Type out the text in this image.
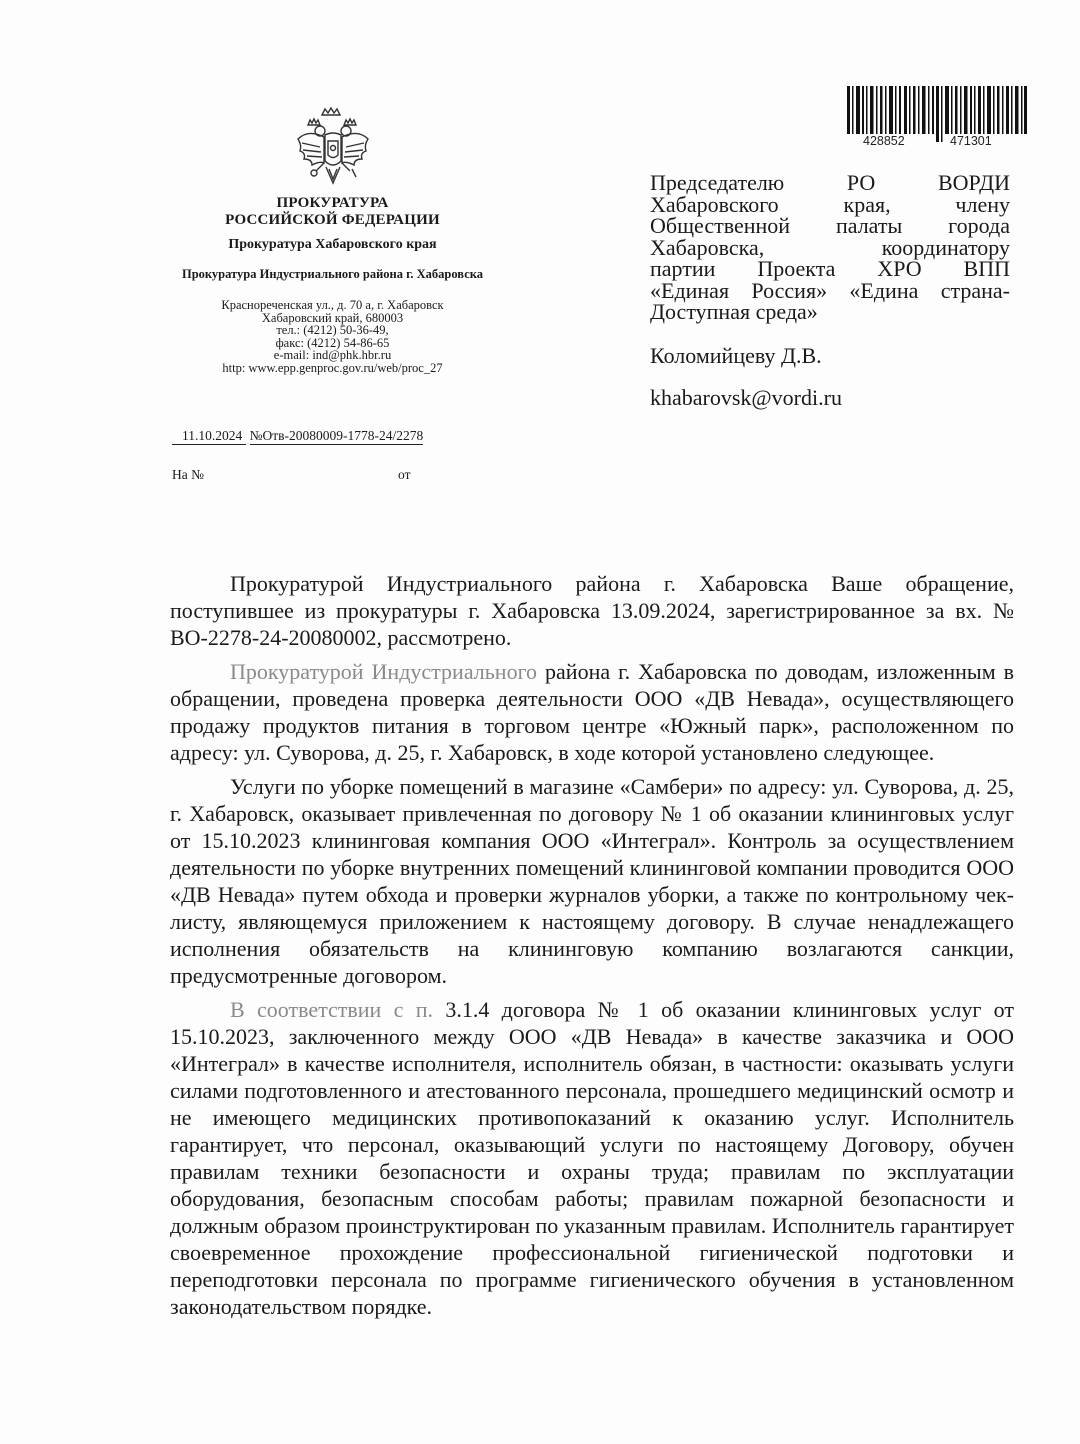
ПРОКУРАТУРА
РОССИЙСКОЙ ФЕДЕРАЦИИ
Прокуратура Хабаровского края
Прокуратура Индустриального района г. Хабаровска
Краснореченская ул., д. 70 а, г. Хабаровск
Хабаровский край, 680003
тел.: (4212) 50-36-49,
факс: (4212) 54-86-65
e-mail: ind@phk.hbr.ru
http: www.epp.genproc.gov.ru/web/proc_27
11.10.2024 №Отв-20080009-1778-24/2278
На №	от
428852	471301
Председателю РО ВОРДИ
Хабаровского края, члену
Общественной палаты города
Хабаровска, координатору
партии Проекта ХРО ВПП
«Единая Россия» «Едина страна-
Доступная среда»
Коломийцеву Д.В.
khabarovsk@vordi.ru

Прокуратурой Индустриального района г. Хабаровска Ваше обращение, поступившее из прокуратуры г. Хабаровска 13.09.2024, зарегистрированное за вх. № ВО-2278-24-20080002, рассмотрено.

Прокуратурой Индустриального района г. Хабаровска по доводам, изложенным в обращении, проведена проверка деятельности ООО «ДВ Невада», осуществляющего продажу продуктов питания в торговом центре «Южный парк», расположенном по адресу: ул. Суворова, д. 25, г. Хабаровск, в ходе которой установлено следующее.

Услуги по уборке помещений в магазине «Самбери» по адресу: ул. Суворова, д. 25, г. Хабаровск, оказывает привлеченная по договору № 1 об оказании клининговых услуг от 15.10.2023 клининговая компания ООО «Интеграл». Контроль за осуществлением деятельности по уборке внутренних помещений клининговой компании проводится ООО «ДВ Невада» путем обхода и проверки журналов уборки, а также по контрольному чек-листу, являющемуся приложением к настоящему договору. В случае ненадлежащего исполнения обязательств на клининговую компанию возлагаются санкции, предусмотренные договором.

В соответствии с п. 3.1.4 договора № 1 об оказании клининговых услуг от 15.10.2023, заключенного между ООО «ДВ Невада» в качестве заказчика и ООО «Интеграл» в качестве исполнителя, исполнитель обязан, в частности: оказывать услуги силами подготовленного и атестованного персонала, прошедшего медицинский осмотр и не имеющего медицинских противопоказаний к оказанию услуг. Исполнитель гарантирует, что персонал, оказывающий услуги по настоящему Договору, обучен правилам техники безопасности и охраны труда; правилам по эксплуатации оборудования, безопасным способам работы; правилам пожарной безопасности и должным образом проинструктирован по указанным правилам. Исполнитель гарантирует своевременное прохождение профессиональной гигиенической подготовки и переподготовки персонала по программе гигиенического обучения в установленном законодательством порядке.
